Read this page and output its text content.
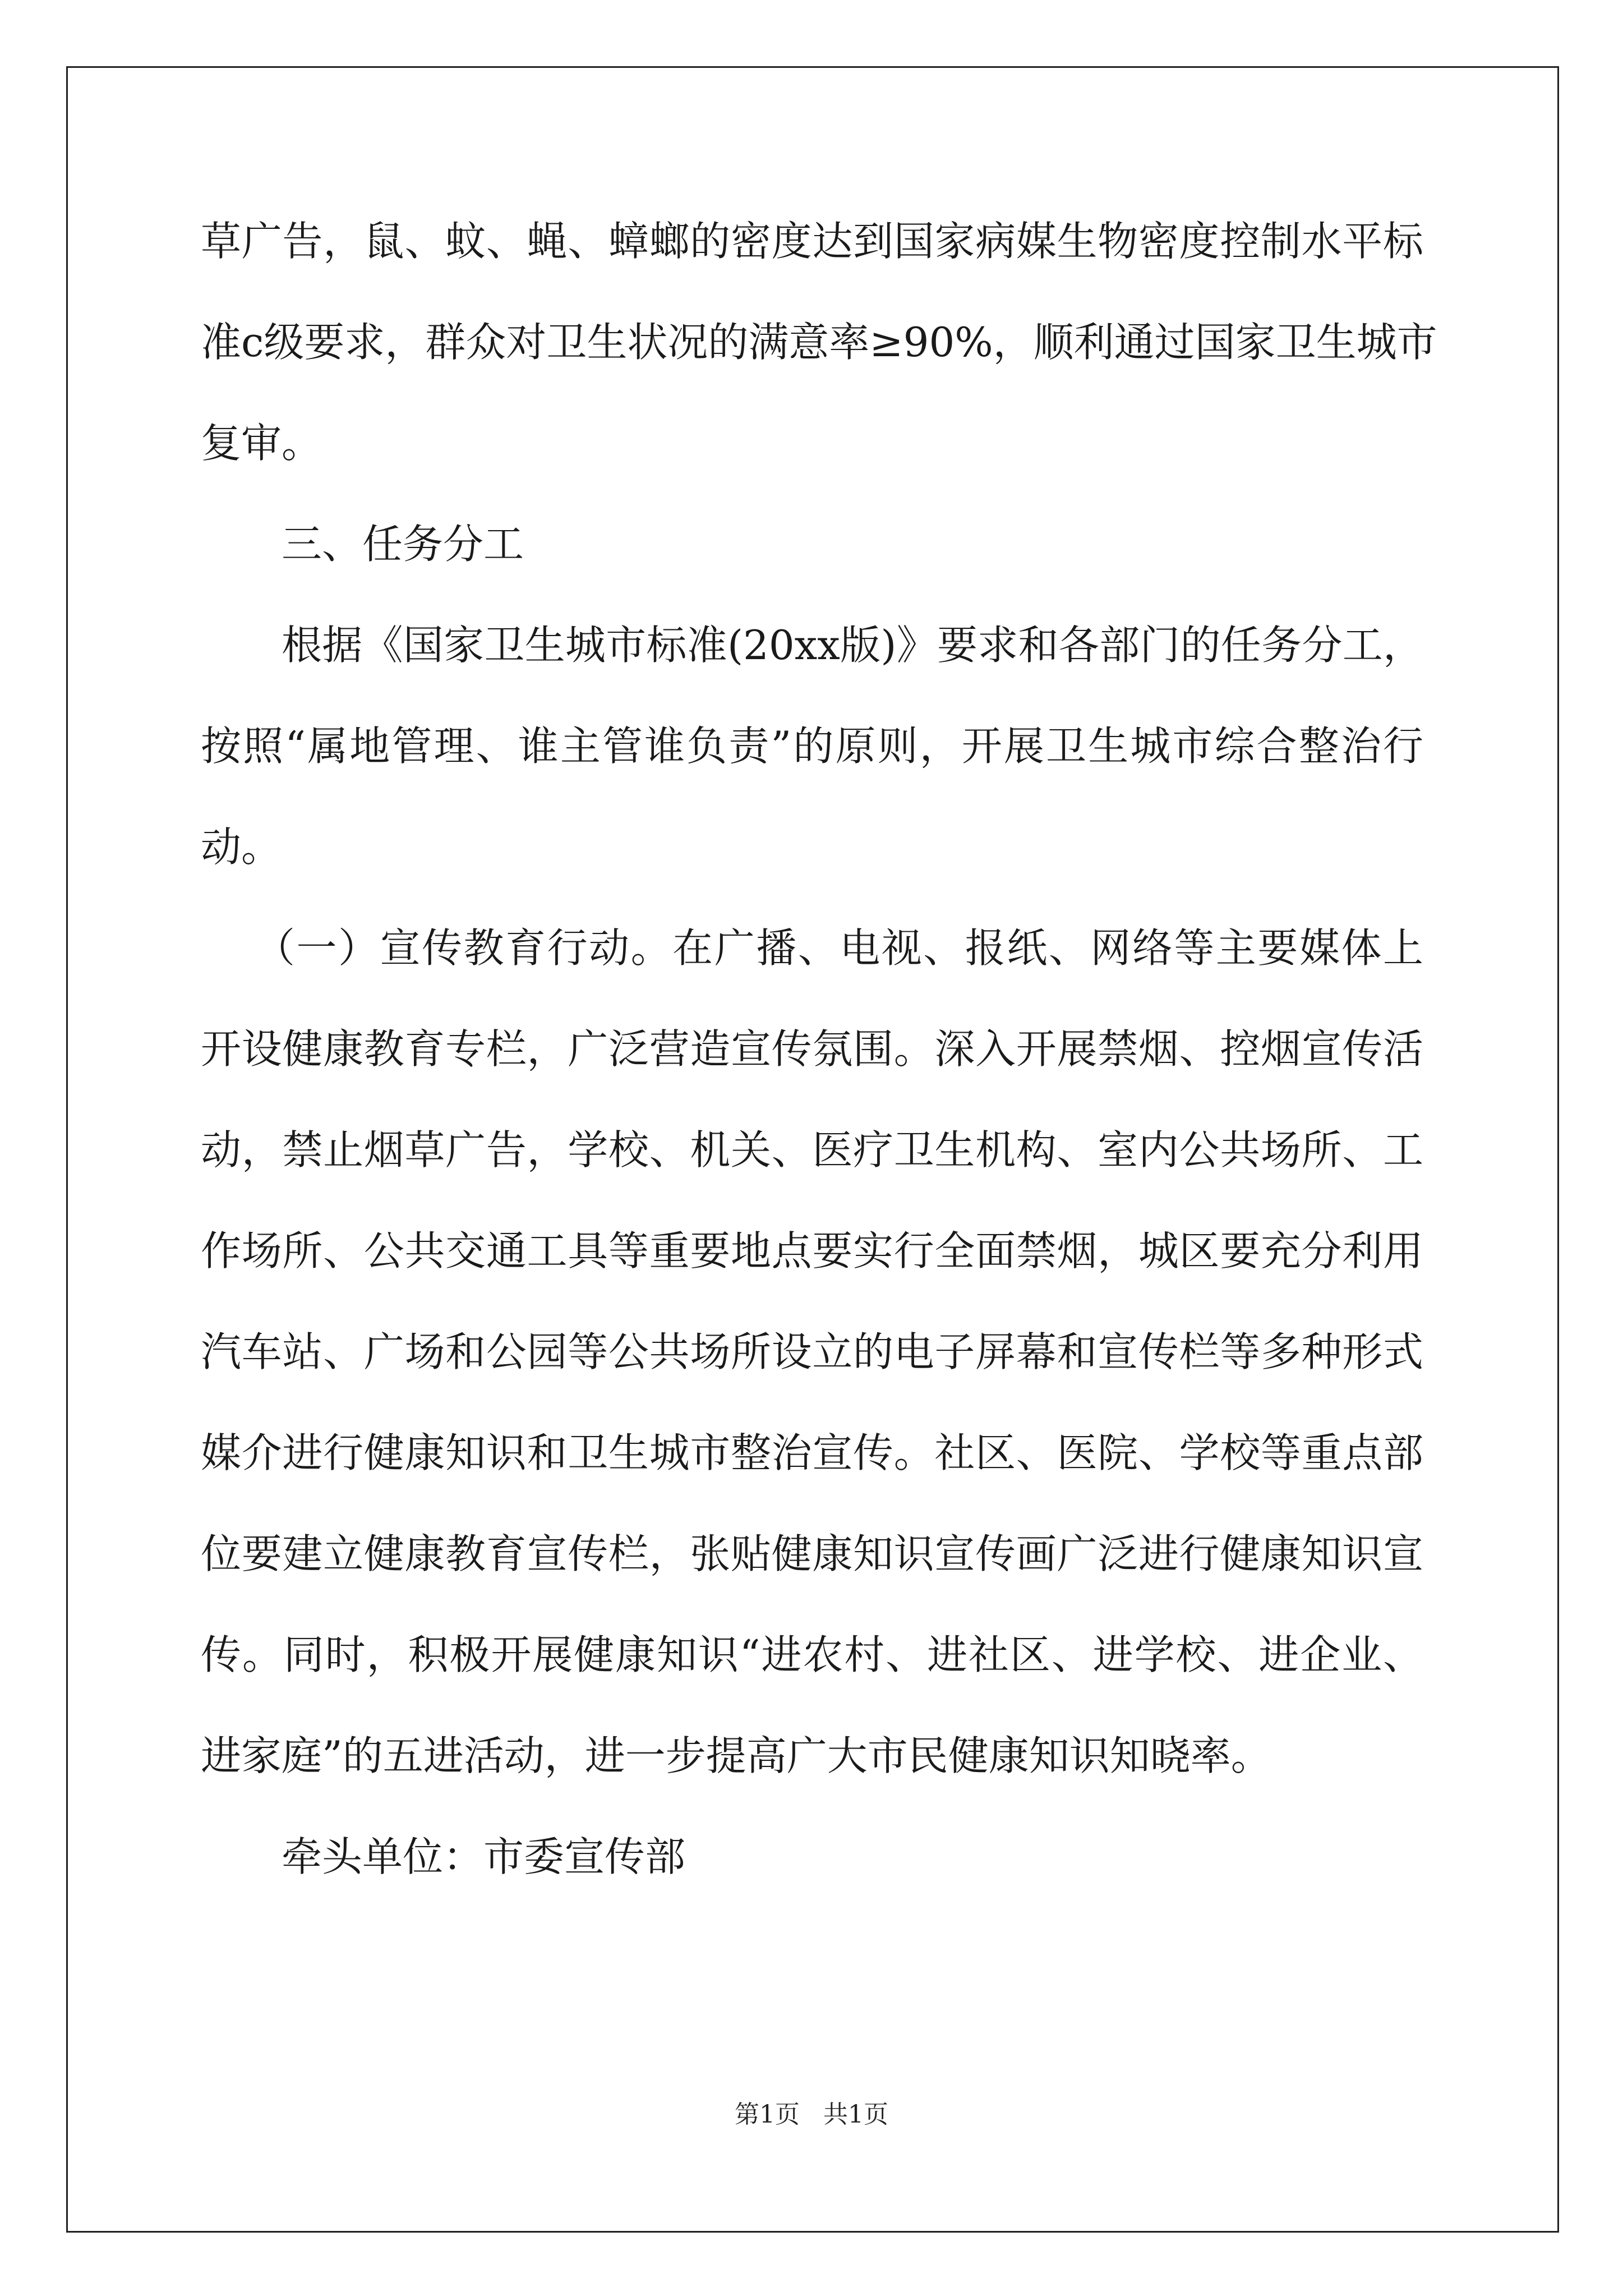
草广告，鼠、蚊、蝇、蟑螂的密度达到国家病媒生物密度控制水平标
准c级要求，群众对卫生状况的满意率≥90%，顺利通过国家卫生城市
复审。
三、任务分工
根据《国家卫生城市标准(20xx版)》要求和各部门的任务分工，
按照“属地管理、谁主管谁负责”的原则，开展卫生城市综合整治行
动。
（一）宣传教育行动。在广播、电视、报纸、网络等主要媒体上
开设健康教育专栏，广泛营造宣传氛围。深入开展禁烟、控烟宣传活
动，禁止烟草广告，学校、机关、医疗卫生机构、室内公共场所、工
作场所、公共交通工具等重要地点要实行全面禁烟，城区要充分利用
汽车站、广场和公园等公共场所设立的电子屏幕和宣传栏等多种形式
媒介进行健康知识和卫生城市整治宣传。社区、医院、学校等重点部
位要建立健康教育宣传栏，张贴健康知识宣传画广泛进行健康知识宣
传。同时，积极开展健康知识“进农村、进社区、进学校、进企业、
进家庭”的五进活动，进一步提高广大市民健康知识知晓率。
牵头单位：市委宣传部
第1页   共1页
